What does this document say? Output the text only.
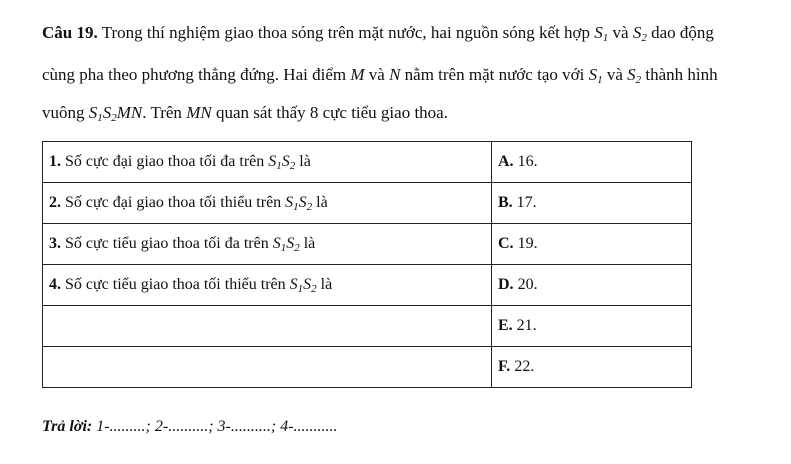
Câu 19. Trong thí nghiệm giao thoa sóng trên mặt nước, hai nguồn sóng kết hợp $S_1$ và $S_2$ dao động
cùng pha theo phương thẳng đứng. Hai điểm M và N nằm trên mặt nước tạo với $S_1$ và $S_2$ thành hình
vuông $S_1S_2MN$. Trên MN quan sát thấy 8 cực tiểu giao thoa.
1. Số cực đại giao thoa tối đa trên $S_1S_2$ là	A. 16.
2. Số cực đại giao thoa tối thiểu trên $S_1S_2$ là	B. 17.
3. Số cực tiểu giao thoa tối đa trên $S_1S_2$ là	C. 19.
4. Số cực tiểu giao thoa tối thiểu trên $S_1S_2$ là	D. 20.
	E. 21.
	F. 22.
Trả lời: 1-.........; 2-..........; 3-..........; 4-...........
